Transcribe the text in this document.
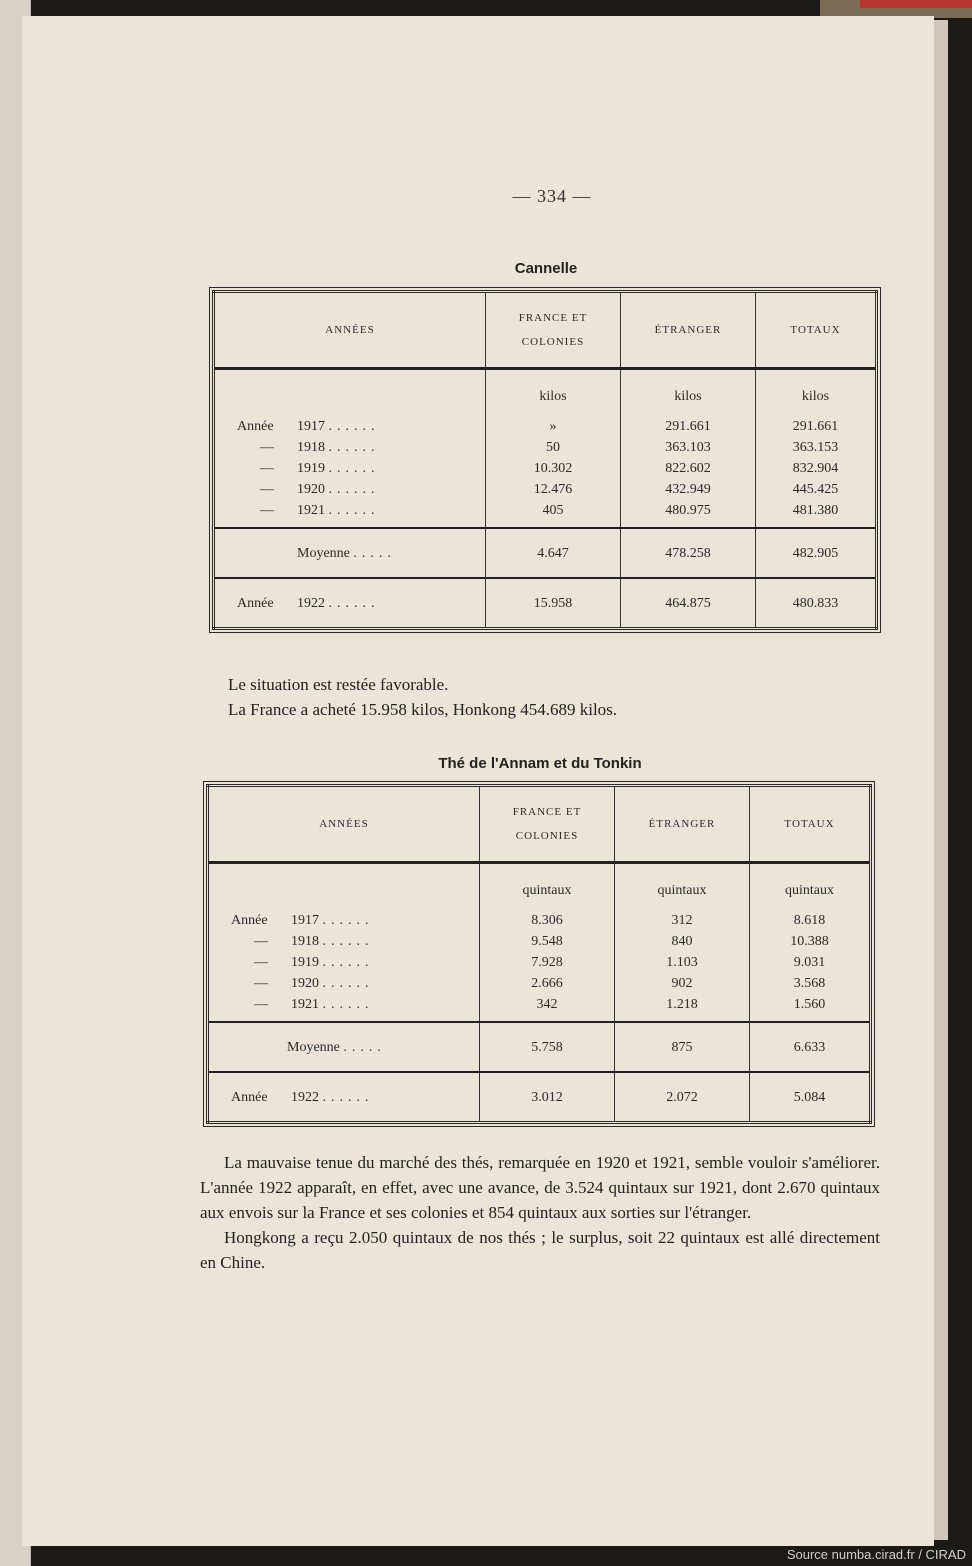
— 334 —
Cannelle
ANNÉES	FRANCE ET COLONIES	ÉTRANGER	TOTAUX
	kilos	kilos	kilos
Année 1917 ......	»	291.661	291.661
— 1918 ......	50	363.103	363.153
— 1919 ......	10.302	822.602	832.904
— 1920 ......	12.476	432.949	445.425
— 1921 ......	405	480.975	481.380
Moyenne .....	4.647	478.258	482.905
Année 1922 ......	15.958	464.875	480.833
Le situation est restée favorable.
La France a acheté 15.958 kilos, Honkong 454.689 kilos.
Thé de l'Annam et du Tonkin
ANNÉES	FRANCE ET COLONIES	ÉTRANGER	TOTAUX
	quintaux	quintaux	quintaux
Année 1917 ......	8.306	312	8.618
— 1918 ......	9.548	840	10.388
— 1919 ......	7.928	1.103	9.031
— 1920 ......	2.666	902	3.568
— 1921 ......	342	1.218	1.560
Moyenne .....	5.758	875	6.633
Année 1922 ......	3.012	2.072	5.084
La mauvaise tenue du marché des thés, remarquée en 1920 et 1921, semble vouloir s'améliorer. L'année 1922 apparaît, en effet, avec une avance, de 3.524 quintaux sur 1921, dont 2.670 quintaux aux envois sur la France et ses colonies et 854 quintaux aux sorties sur l'étranger.
Hongkong a reçu 2.050 quintaux de nos thés ; le surplus, soit 22 quintaux est allé directement en Chine.
Source numba.cirad.fr / CIRAD
